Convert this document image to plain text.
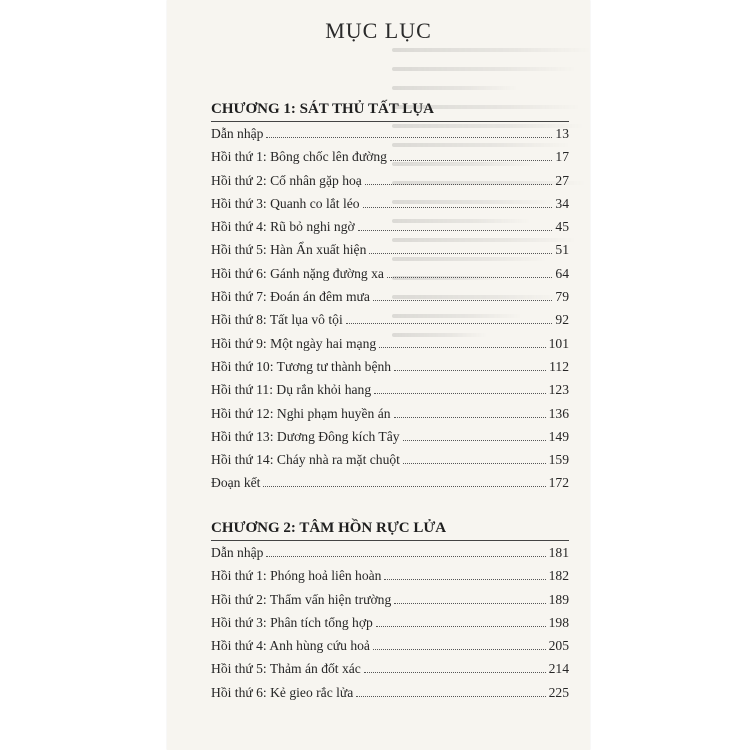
MỤC LỤC
CHƯƠNG 1: SÁT THỦ TẤT LỤA
Dẫn nhập	13
Hồi thứ 1: Bông chốc lên đường	17
Hồi thứ 2: Cố nhân gặp hoạ	27
Hồi thứ 3: Quanh co lắt léo	34
Hồi thứ 4: Rũ bỏ nghi ngờ	45
Hồi thứ 5: Hàn Ẩn xuất hiện	51
Hồi thứ 6: Gánh nặng đường xa	64
Hồi thứ 7: Đoán án đêm mưa	79
Hồi thứ 8: Tất lụa vô tội	92
Hồi thứ 9: Một ngày hai mạng	101
Hồi thứ 10: Tương tư thành bệnh	112
Hồi thứ 11: Dụ rắn khỏi hang	123
Hồi thứ 12: Nghi phạm huyền án	136
Hồi thứ 13: Dương Đông kích Tây	149
Hồi thứ 14: Cháy nhà ra mặt chuột	159
Đoạn kết	172
CHƯƠNG 2: TÂM HỒN RỰC LỬA
Dẫn nhập	181
Hồi thứ 1: Phóng hoả liên hoàn	182
Hồi thứ 2: Thẩm vấn hiện trường	189
Hồi thứ 3: Phân tích tổng hợp	198
Hồi thứ 4: Anh hùng cứu hoả	205
Hồi thứ 5: Thảm án đốt xác	214
Hồi thứ 6: Kẻ gieo rắc lửa	225
